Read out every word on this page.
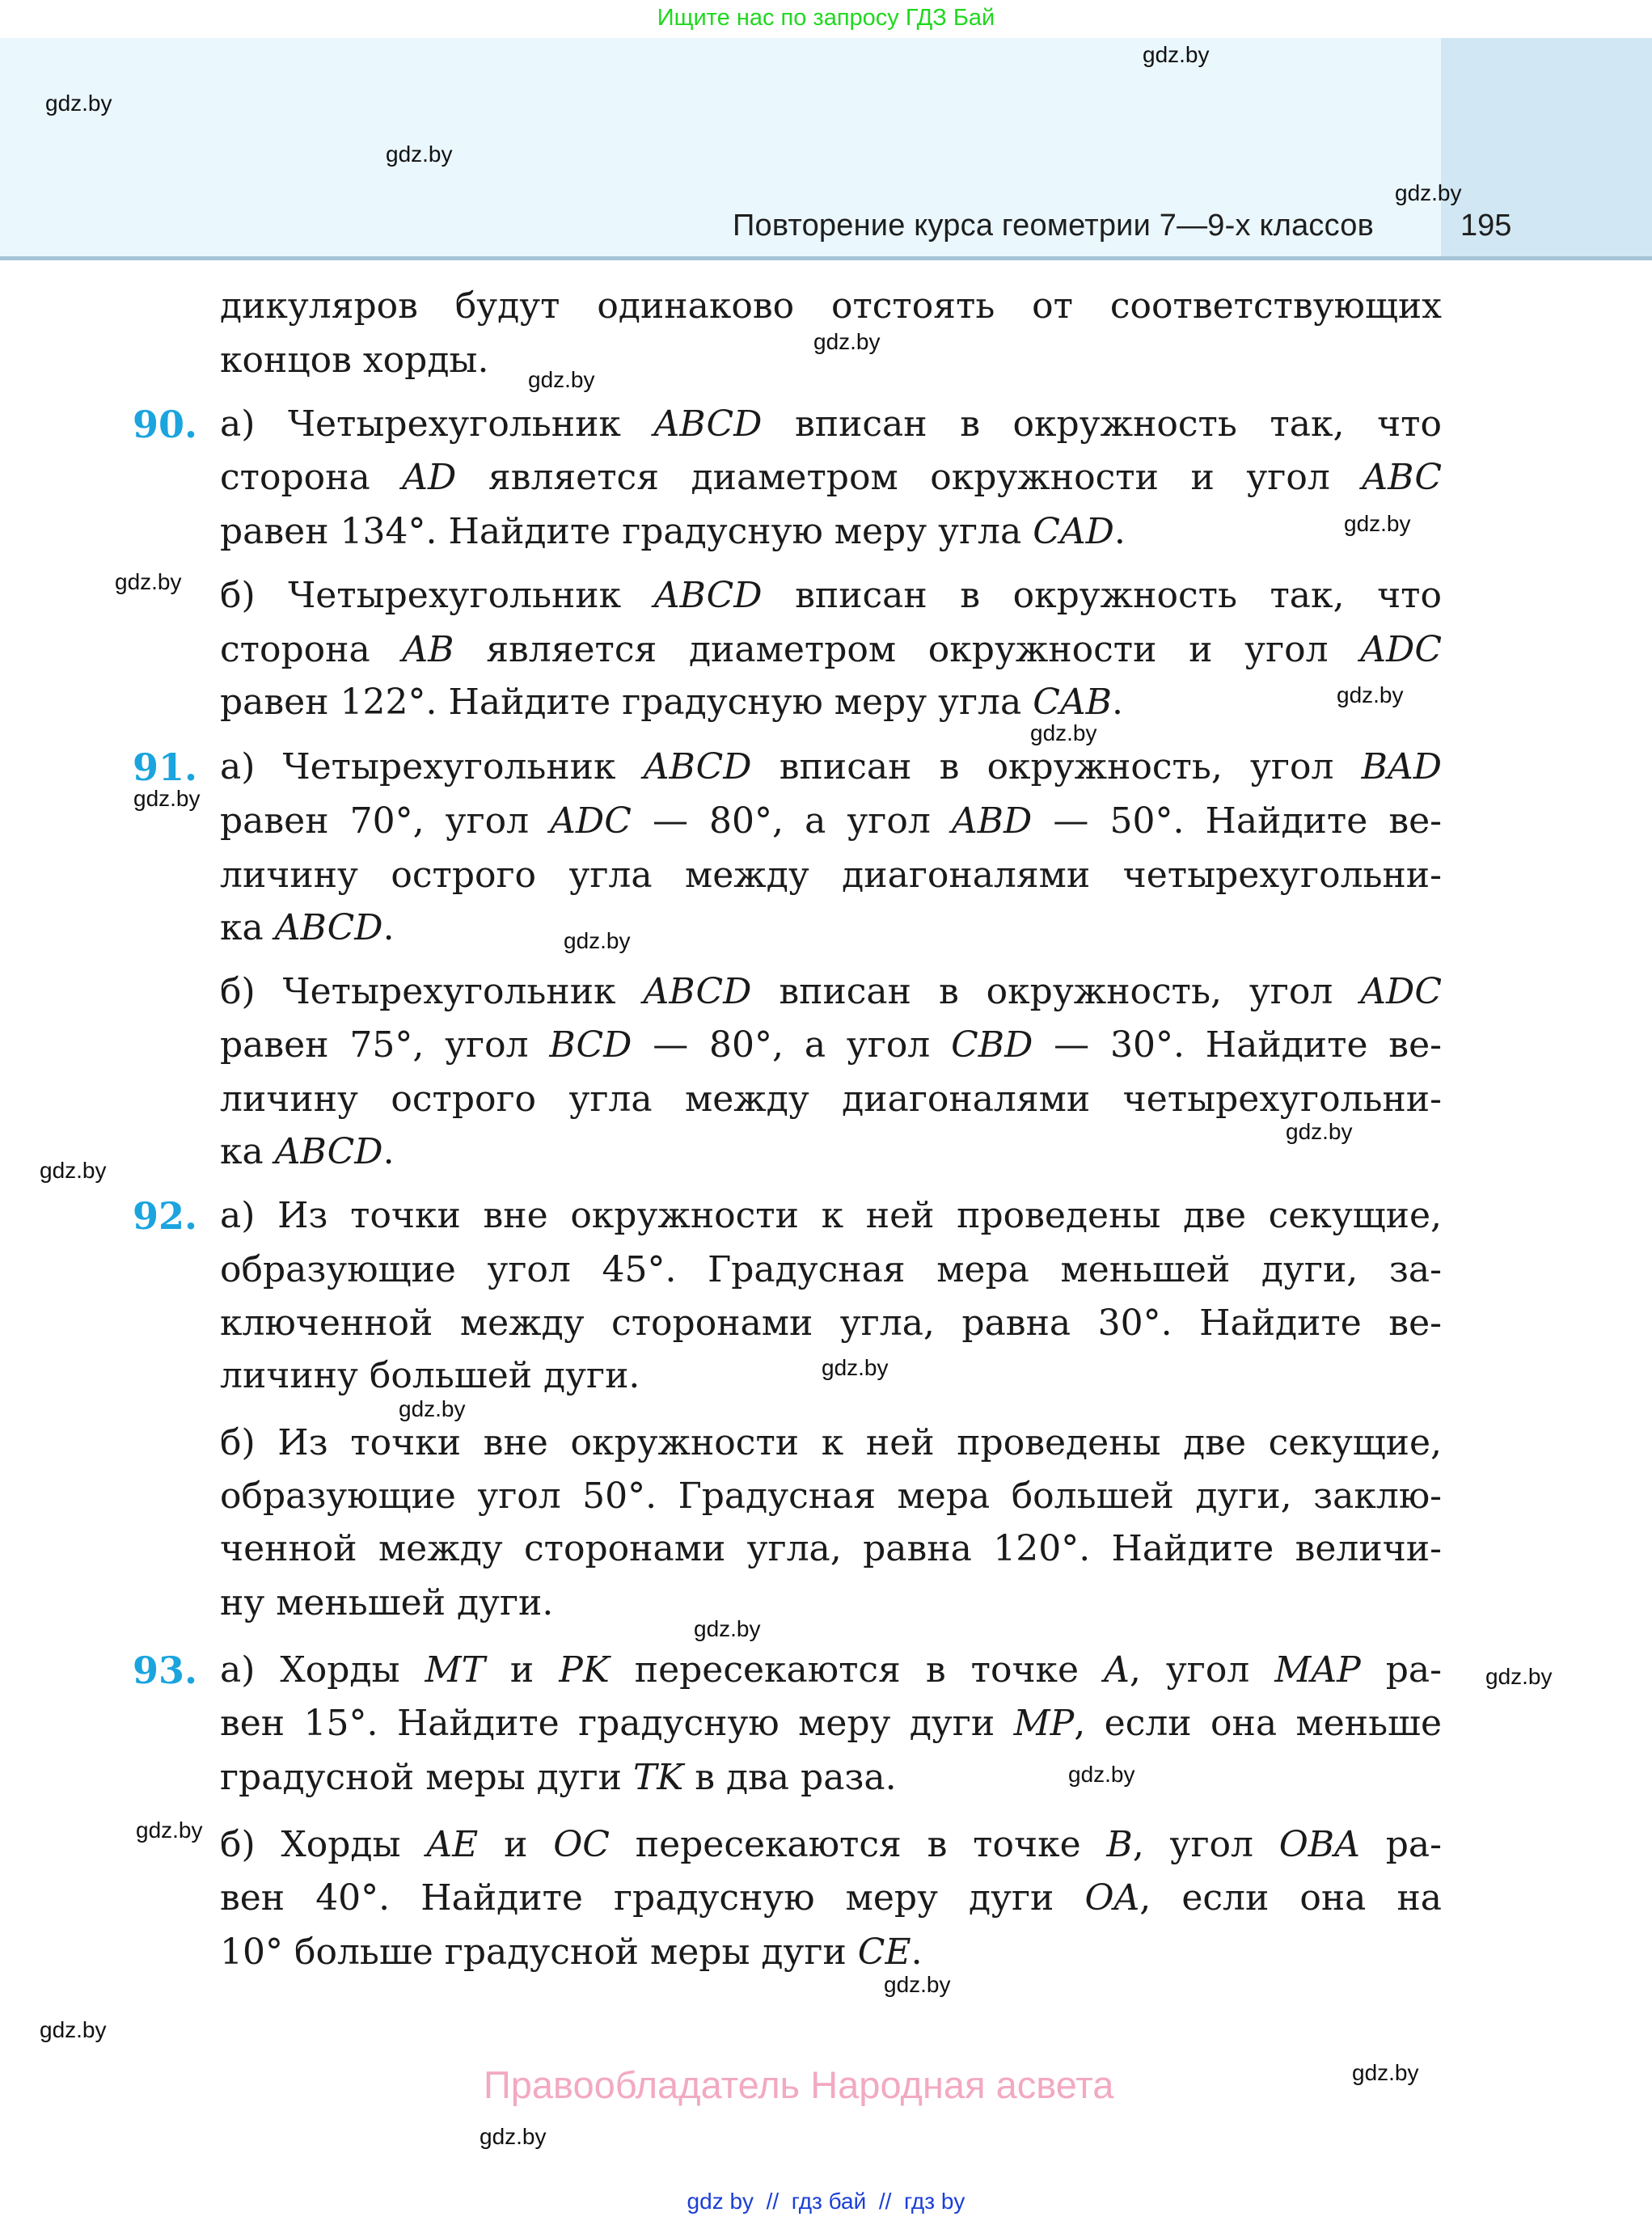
Ищите нас по запросу ГДЗ Бай
Повторение курса геометрии 7—9-х классов	195
gdz.by
gdz.by
gdz.by
gdz.by
gdz.by
gdz.by
gdz.by
gdz.by
gdz.by
gdz.by
gdz.by
gdz.by
gdz.by
gdz.by
gdz.by
gdz.by
gdz.by
gdz.by
gdz.by
gdz.by
gdz.by
gdz.by
gdz.by
gdz.by
дикуляров будут одинаково отстоять от соответствующих
концов хорды.
90. а) Четырехугольник ABCD вписан в окружность так, что
сторона AD является диаметром окружности и угол ABC
равен 134°. Найдите градусную меру угла CAD.
б) Четырехугольник ABCD вписан в окружность так, что
сторона AB является диаметром окружности и угол ADC
равен 122°. Найдите градусную меру угла CAB.
91. а) Четырехугольник ABCD вписан в окружность, угол BAD
равен 70°, угол ADC — 80°, а угол ABD — 50°. Найдите ве-
личину острого угла между диагоналями четырехугольни-
ка ABCD.
б) Четырехугольник ABCD вписан в окружность, угол ADC
равен 75°, угол BCD — 80°, а угол CBD — 30°. Найдите ве-
личину острого угла между диагоналями четырехугольни-
ка ABCD.
92. а) Из точки вне окружности к ней проведены две секущие,
образующие угол 45°. Градусная мера меньшей дуги, за-
ключенной между сторонами угла, равна 30°. Найдите ве-
личину большей дуги.
б) Из точки вне окружности к ней проведены две секущие,
образующие угол 50°. Градусная мера большей дуги, заклю-
ченной между сторонами угла, равна 120°. Найдите величи-
ну меньшей дуги.
93. а) Хорды MT и PK пересекаются в точке A, угол MAP ра-
вен 15°. Найдите градусную меру дуги MP, если она меньше
градусной меры дуги TK в два раза.
б) Хорды AE и OC пересекаются в точке B, угол OBA ра-
вен 40°. Найдите градусную меру дуги OA, если она на
10° больше градусной меры дуги CE.
Правообладатель Народная асвета
gdz by // гдз бай // гдз by
